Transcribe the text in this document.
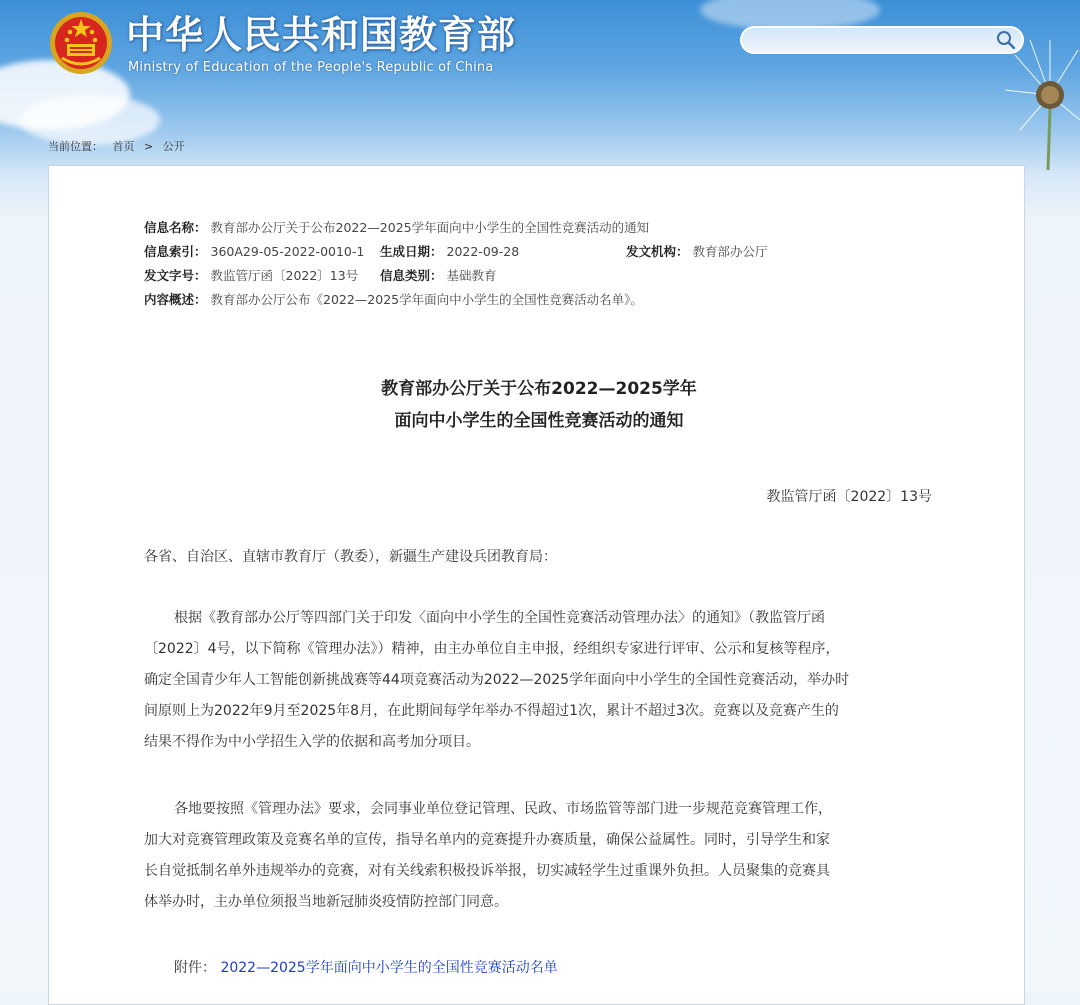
中华人民共和国教育部
Ministry of Education of the People's Republic of China
当前位置： 首页 > 公开
信息名称： 教育部办公厅关于公布2022—2025学年面向中小学生的全国性竞赛活动的通知
信息索引： 360A29-05-2022-0010-1 生成日期： 2022-09-28	发文机构： 教育部办公厅
发文字号： 教监管厅函〔2022〕13号 信息类别： 基础教育
内容概述： 教育部办公厅公布《2022—2025学年面向中小学生的全国性竞赛活动名单》。
教育部办公厅关于公布2022—2025学年
面向中小学生的全国性竞赛活动的通知
教监管厅函〔2022〕13号
各省、自治区、直辖市教育厅（教委），新疆生产建设兵团教育局：
根据《教育部办公厅等四部门关于印发〈面向中小学生的全国性竞赛活动管理办法〉的通知》（教监管厅函
〔2022〕4号，以下简称《管理办法》）精神，由主办单位自主申报，经组织专家进行评审、公示和复核等程序，
确定全国青少年人工智能创新挑战赛等44项竞赛活动为2022—2025学年面向中小学生的全国性竞赛活动，举办时
间原则上为2022年9月至2025年8月，在此期间每学年举办不得超过1次，累计不超过3次。竞赛以及竞赛产生的
结果不得作为中小学招生入学的依据和高考加分项目。
各地要按照《管理办法》要求，会同事业单位登记管理、民政、市场监管等部门进一步规范竞赛管理工作，
加大对竞赛管理政策及竞赛名单的宣传，指导名单内的竞赛提升办赛质量，确保公益属性。同时，引导学生和家
长自觉抵制名单外违规举办的竞赛，对有关线索积极投诉举报，切实减轻学生过重课外负担。人员聚集的竞赛具
体举办时，主办单位须报当地新冠肺炎疫情防控部门同意。
附件： 2022—2025学年面向中小学生的全国性竞赛活动名单
